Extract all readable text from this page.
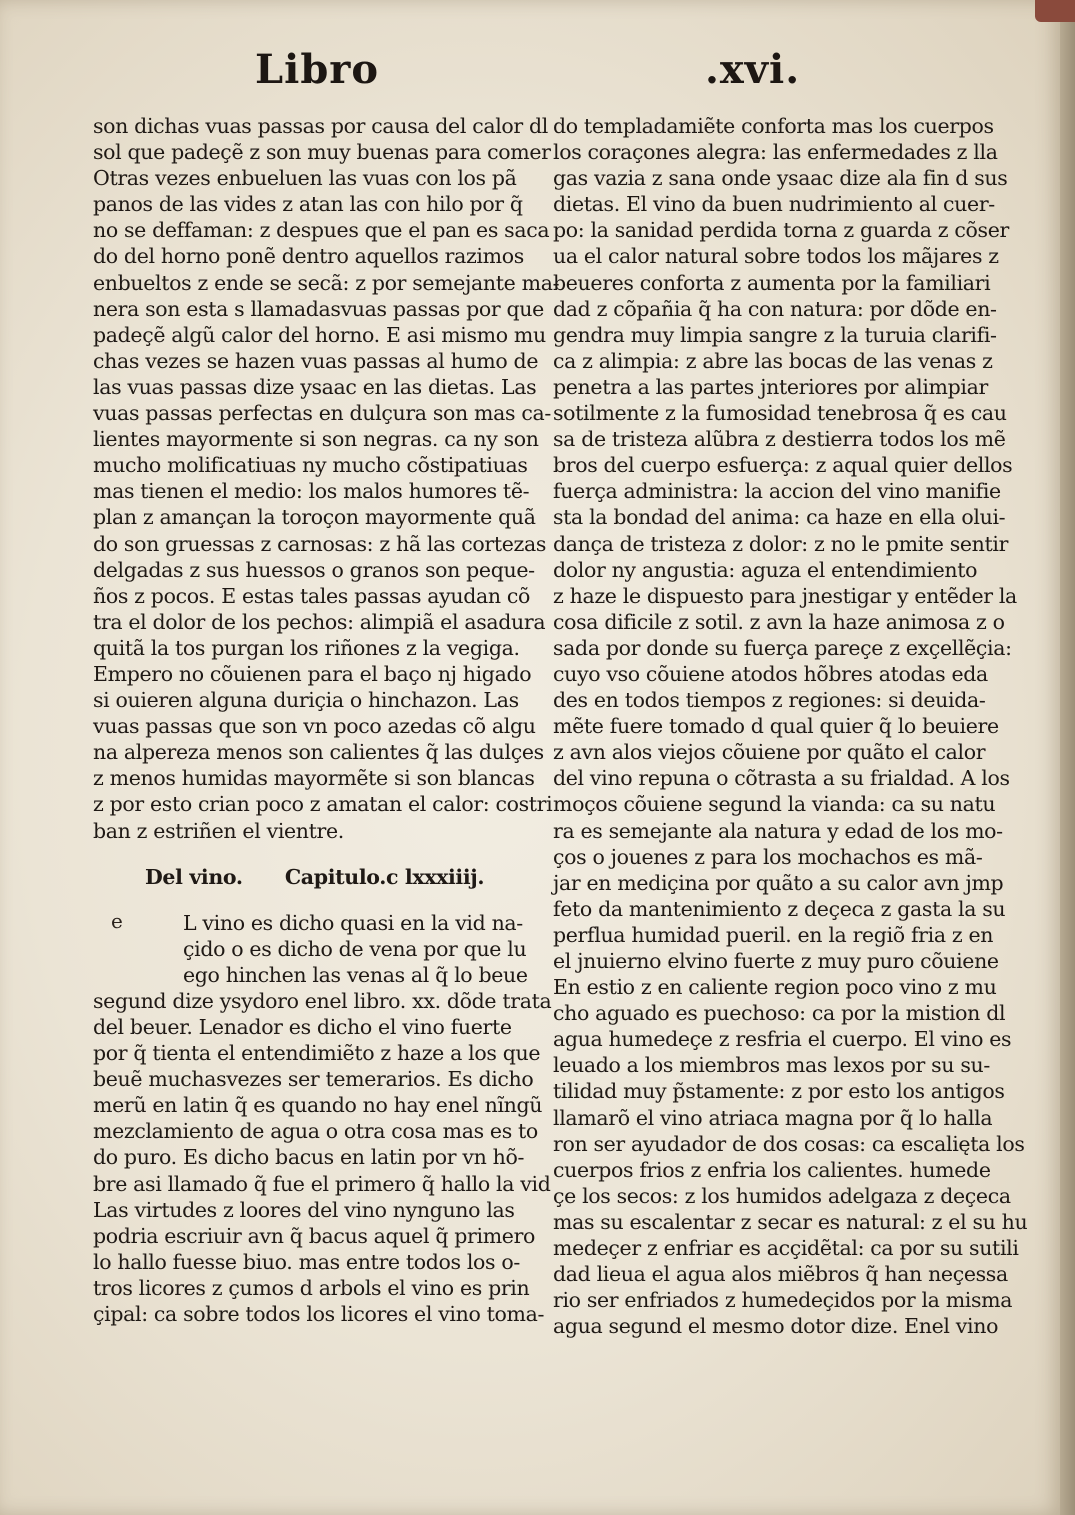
Libro	.xvi.
son dichas vuas passas por causa del calor dl
sol que padeçẽ z son muy buenas para comer
Otras vezes enbueluen las vuas con los pã
panos de las vides z atan las con hilo por q̃
no se deffaman: z despues que el pan es saca
do del horno ponẽ dentro aquellos razimos
enbueltos z ende se secã: z por semejante ma-
nera son esta s llamadasvuas passas por que
padeçẽ algũ calor del horno. E asi mismo mu
chas vezes se hazen vuas passas al humo de
las vuas passas dize ysaac en las dietas. Las
vuas passas perfectas en dulçura son mas ca-
lientes mayormente si son negras. ca ny son
mucho molificatiuas ny mucho cõstipatiuas
mas tienen el medio: los malos humores tẽ-
plan z amançan la toroçon mayormente quã
do son gruessas z carnosas: z hã las cortezas
delgadas z sus huessos o granos son peque-
ños z pocos. E estas tales passas ayudan cõ
tra el dolor de los pechos: alimpiã el asadura
quitã la tos purgan los riñones z la vegiga.
Empero no cõuienen para el baço nj higado
si ouieren alguna duriçia o hinchazon. Las
vuas passas que son vn poco azedas cõ algu
na alpereza menos son calientes q̃ las dulçes
z menos humidas mayormẽte si son blancas
z por esto crian poco z amatan el calor: costri
ban z estriñen el vientre.
Del vino. Capitulo.c lxxxiiij.
e	L vino es dicho quasi en la vid na-
çido o es dicho de vena por que lu
ego hinchen las venas al q̃ lo beue
segund dize ysydoro enel libro. xx. dõde trata
del beuer. Lenador es dicho el vino fuerte
por q̃ tienta el entendimiẽto z haze a los que
beuẽ muchasvezes ser temerarios. Es dicho
merũ en latin q̃ es quando no hay enel nĩngũ
mezclamiento de agua o otra cosa mas es to
do puro. Es dicho bacus en latin por vn hõ-
bre asi llamado q̃ fue el primero q̃ hallo la vid
Las virtudes z loores del vino nynguno las
podria escriuir avn q̃ bacus aquel q̃ primero
lo hallo fuesse biuo. mas entre todos los o-
tros licores z çumos d arbols el vino es prin
çipal: ca sobre todos los licores el vino toma-
do templadamiẽte conforta mas los cuerpos
los coraçones alegra: las enfermedades z lla
gas vazia z sana onde ysaac dize ala fin d sus
dietas. El vino da buen nudrimiento al cuer-
po: la sanidad perdida torna z guarda z cõser
ua el calor natural sobre todos los mãjares z
beueres conforta z aumenta por la familiari
dad z cõpañia q̃ ha con natura: por dõde en-
gendra muy limpia sangre z la turuia clarifi-
ca z alimpia: z abre las bocas de las venas z
penetra a las partes jnteriores por alimpiar
sotilmente z la fumosidad tenebrosa q̃ es cau
sa de tristeza alũbra z destierra todos los mẽ
bros del cuerpo esfuerça: z aqual quier dellos
fuerça administra: la accion del vino manifie
sta la bondad del anima: ca haze en ella olui-
dança de tristeza z dolor: z no le pmite sentir
dolor ny angustia: aguza el entendimiento
z haze le dispuesto para jnestigar y entẽder la
cosa dificile z sotil. z avn la haze animosa z o
sada por donde su fuerça pareçe z exçellẽçia:
cuyo vso cõuiene atodos hõbres atodas eda
des en todos tiempos z regiones: si deuida-
mẽte fuere tomado d qual quier q̃ lo beuiere
z avn alos viejos cõuiene por quãto el calor
del vino repuna o cõtrasta a su frialdad. A los
moços cõuiene segund la vianda: ca su natu
ra es semejante ala natura y edad de los mo-
ços o jouenes z para los mochachos es mã-
jar en mediçina por quãto a su calor avn jmp
feto da mantenimiento z deçeca z gasta la su
perflua humidad pueril. en la regiõ fria z en
el jnuierno elvino fuerte z muy puro cõuiene
En estio z en caliente region poco vino z mu
cho aguado es puechoso: ca por la mistion dl
agua humedeçe z resfria el cuerpo. El vino es
leuado a los miembros mas lexos por su su-
tilidad muy p̃stamente: z por esto los antigos
llamarõ el vino atriaca magna por q̃ lo halla
ron ser ayudador de dos cosas: ca escalięta los
cuerpos frios z enfria los calientes. humede
çe los secos: z los humidos adelgaza z deçeca
mas su escalentar z secar es natural: z el su hu
medeçer z enfriar es acçidẽtal: ca por su sutili
dad lieua el agua alos miẽbros q̃ han neçessa
rio ser enfriados z humedeçidos por la misma
agua segund el mesmo dotor dize. Enel vino
